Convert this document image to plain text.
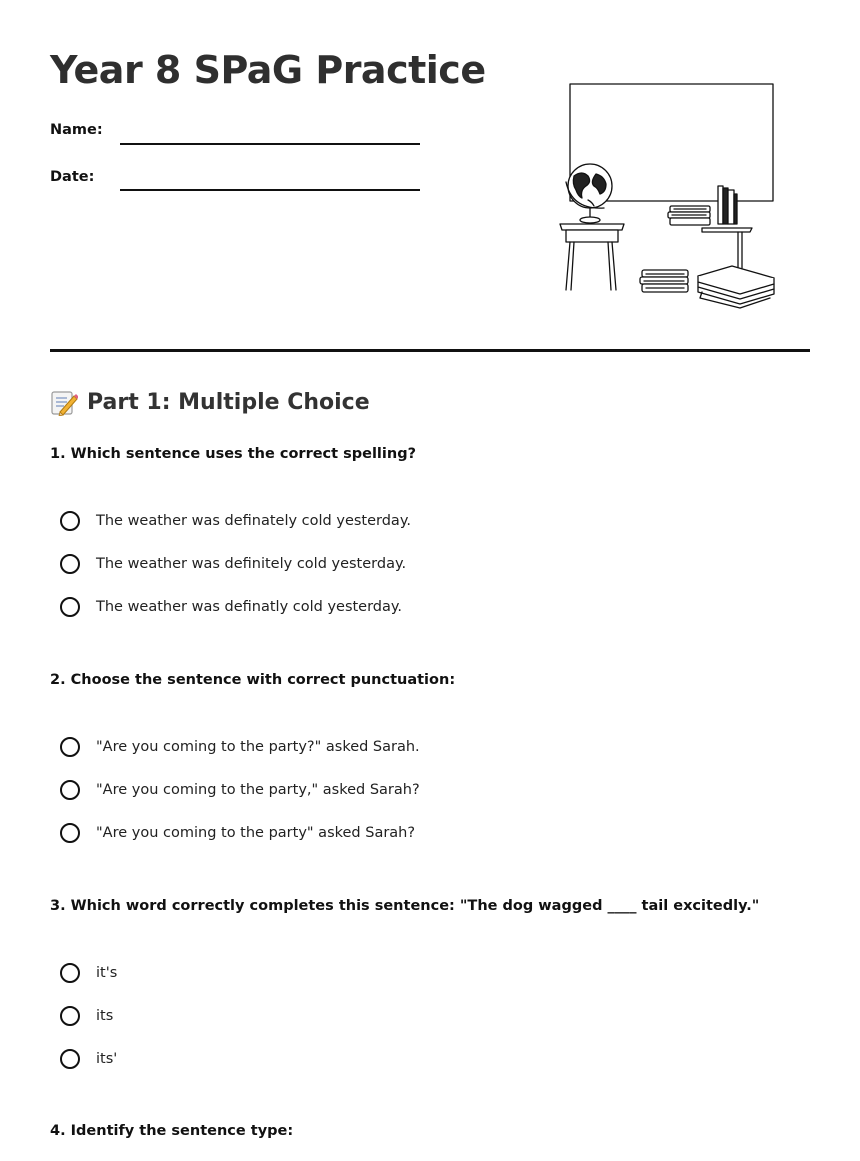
Year 8 SPaG Practice
Name:
Date:
Part 1: Multiple Choice
1. Which sentence uses the correct spelling?
The weather was definately cold yesterday.
The weather was definitely cold yesterday.
The weather was definatly cold yesterday.
2. Choose the sentence with correct punctuation:
"Are you coming to the party?" asked Sarah.
"Are you coming to the party," asked Sarah?
"Are you coming to the party" asked Sarah?
3. Which word correctly completes this sentence: "The dog wagged ____ tail excitedly."
it's
its
its'
4. Identify the sentence type:
